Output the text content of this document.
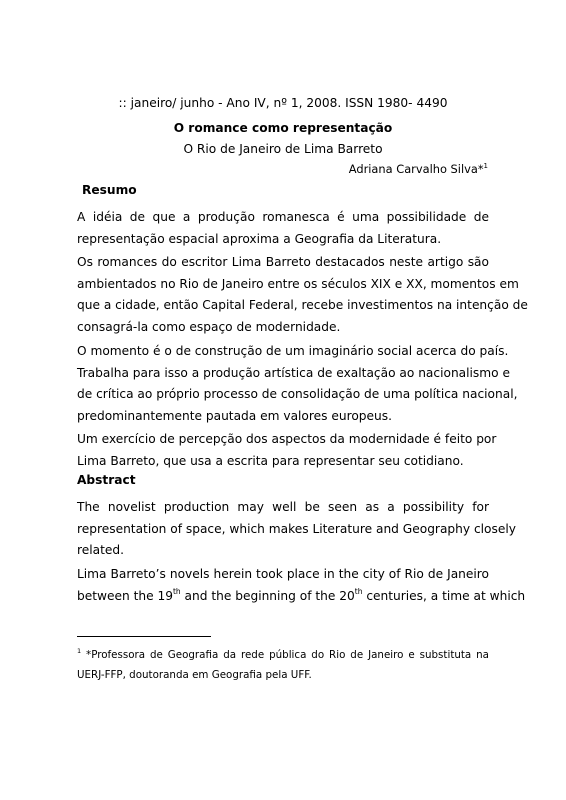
:: janeiro/ junho - Ano IV, nº 1, 2008. ISSN 1980- 4490
O romance como representação
O Rio de Janeiro de Lima Barreto
Adriana Carvalho Silva*$^1$
Resumo

A idéia de que a produção romanesca é uma possibilidade de
representação espacial aproxima a Geografia da Literatura.

Os romances do escritor Lima Barreto destacados neste artigo são
ambientados no Rio de Janeiro entre os séculos XIX e XX, momentos em
que a cidade, então Capital Federal, recebe investimentos na intenção de
consagrá-la como espaço de modernidade.

O momento é o de construção de um imaginário social acerca do país.
Trabalha para isso a produção artística de exaltação ao nacionalismo e
de crítica ao próprio processo de consolidação de uma política nacional,
predominantemente pautada em valores europeus.

Um exercício de percepção dos aspectos da modernidade é feito por
Lima Barreto, que usa a escrita para representar seu cotidiano.

Abstract

The novelist production may well be seen as a possibility for
representation of space, which makes Literature and Geography closely
related.

Lima Barreto’s novels herein took place in the city of Rio de Janeiro
between the 19th and the beginning of the 20th centuries, a time at which

$^1$ *Professora de Geografia da rede pública do Rio de Janeiro e substituta na
UERJ-FFP, doutoranda em Geografia pela UFF.
